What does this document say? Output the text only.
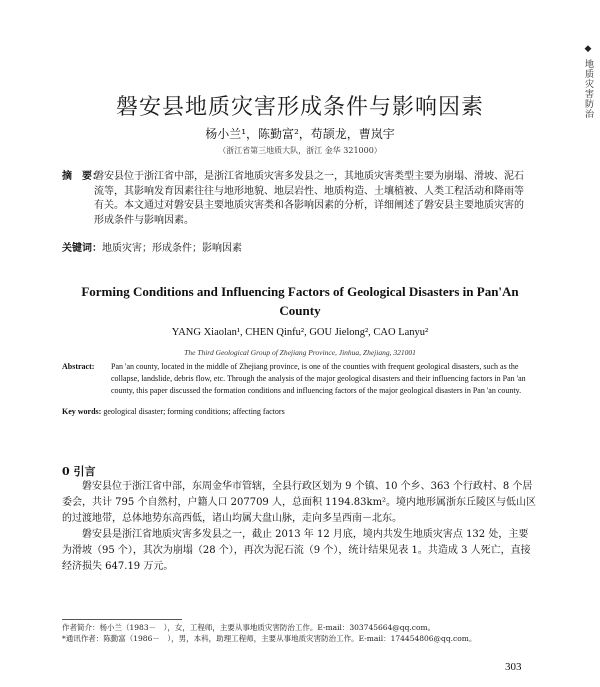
◆ 地质灾害防治
磐安县地质灾害形成条件与影响因素
杨小兰¹，陈勤富²，苟颉龙，曹岚宇
（浙江省第三地质大队，浙江 金华 321000）
摘　要：
磐安县位于浙江省中部，是浙江省地质灾害多发县之一，其地质灾害类型主要为崩塌、滑坡、泥石流等，其影响发育因素往往与地形地貌、地层岩性、地质构造、土壤植被、人类工程活动和降雨等有关。本文通过对磐安县主要地质灾害类和各影响因素的分析，详细阐述了磐安县主要地质灾害的形成条件与影响因素。
关键词：地质灾害；形成条件；影响因素
Forming Conditions and Influencing Factors of Geological Disasters in Pan'An County
YANG Xiaolan¹, CHEN Qinfu², GOU Jielong², CAO Lanyu²
The Third Geological Group of Zhejiang Province, Jinhua, Zhejiang, 321001
Abstract: Pan 'an county, located in the middle of Zhejiang province, is one of the counties with frequent geological disasters, such as the collapse, landslide, debris flow, etc. Through the analysis of the major geological disasters and their influencing factors in Pan 'an county, this paper discussed the formation conditions and influencing factors of the major geological disasters in Pan 'an county.
Key words: geological disaster; forming conditions; affecting factors
0 引言

磐安县位于浙江省中部，东周金华市管辖，全县行政区划为 9 个镇、10 个乡、363 个行政村、8 个居委会，共计 795 个自然村，户籍人口 207709 人，总面积 1194.83km²。境内地形属浙东丘陵区与低山区的过渡地带，总体地势东高西低，诸山均属大盘山脉，走向多呈西南－北东。

磐安县是浙江省地质灾害多发县之一，截止 2013 年 12 月底，境内共发生地质灾害点 132 处，主要为滑坡（95 个），其次为崩塌（28 个），再次为泥石流（9 个），统计结果见表 1。共造成 3 人死亡，直接经济损失 647.19 万元。

作者简介：杨小兰（1983－　），女，工程师，主要从事地质灾害防治工作。E-mail：303745664@qq.com。
*通讯作者：陈勤富（1986－　），男，本科，助理工程师，主要从事地质灾害防治工作。E-mail：174454806@qq.com。
303
